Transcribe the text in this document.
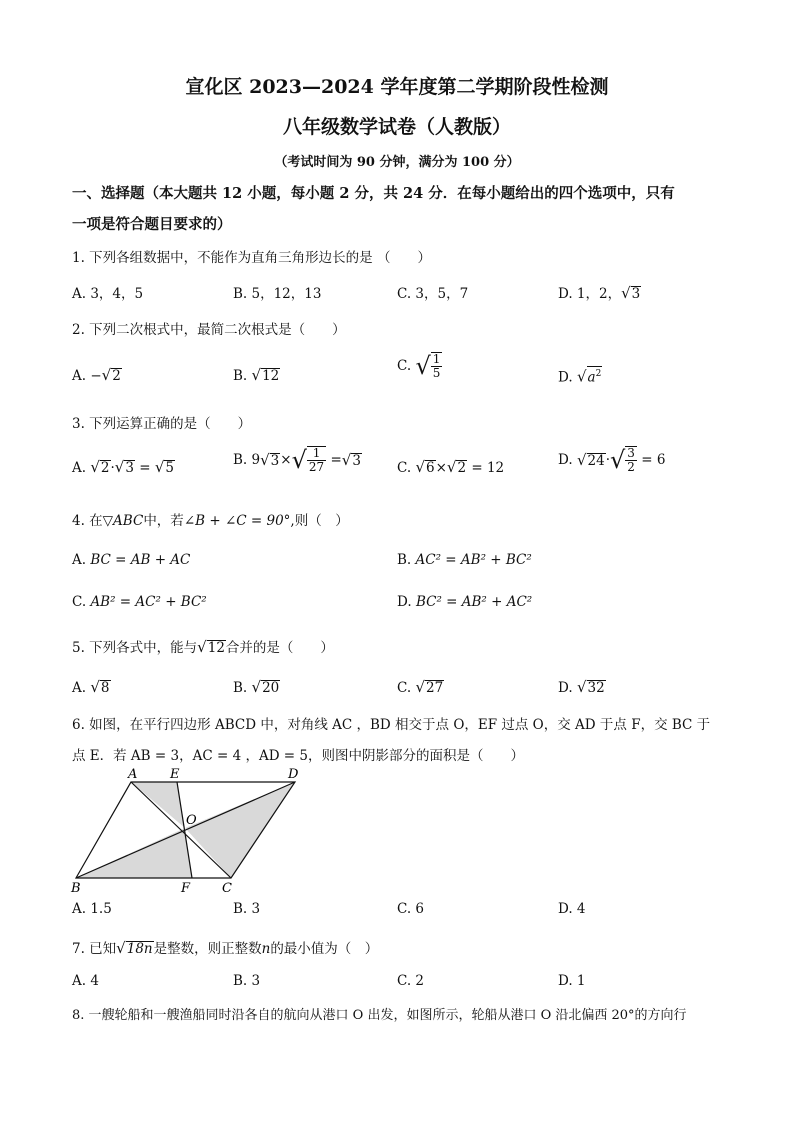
宣化区 2023—2024 学年度第二学期阶段性检测
八年级数学试卷（人教版）
（考试时间为 90 分钟，满分为 100 分）
一、选择题（本大题共 12 小题，每小题 2 分，共 24 分．在每小题给出的四个选项中，只有
一项是符合题目要求的）
1. 下列各组数据中，不能作为直角三角形边长的是 （　　）
A. 3，4，5	B. 5，12，13	C. 3，5，7	D. 1，2，√3
2. 下列二次根式中，最简二次根式是（　　）
A. −√2	B. √12
C. √ $\frac{1}{5}$	D. $√a^2$
3. 下列运算正确的是（　　）
A. √2·√3 = √5	B. $9√3\times√ \frac{1}{27} =√3$	C. √6×√2 = 12	D. $√24\cdot√ \frac{3}{2} = 6$
4. 在▽ABC中，若∠B + ∠C = 90°,则（　）
A. BC = AB + AC	B. AC² = AB² + BC²
C. AB² = AC² + BC²	D. BC² = AB² + AC²
5. 下列各式中，能与√12合并的是（　　）
A. √8	B. √20	C. √27	D. √32
6. 如图，在平行四边形 ABCD 中，对角线 AC ，BD 相交于点 O，EF 过点 O，交 AD 于点 F，交 BC 于
点 E．若 AB = 3，AC = 4 ，AD = 5，则图中阴影部分的面积是（　　）
A	E	D
O
B	F C
A. 1.5	B. 3	C. 6	D. 4
7. 已知√18n是整数，则正整数n的最小值为（　）
A. 4	B. 3	C. 2	D. 1
8. 一艘轮船和一艘渔船同时沿各自的航向从港口 O 出发，如图所示，轮船从港口 O 沿北偏西 20°的方向行
